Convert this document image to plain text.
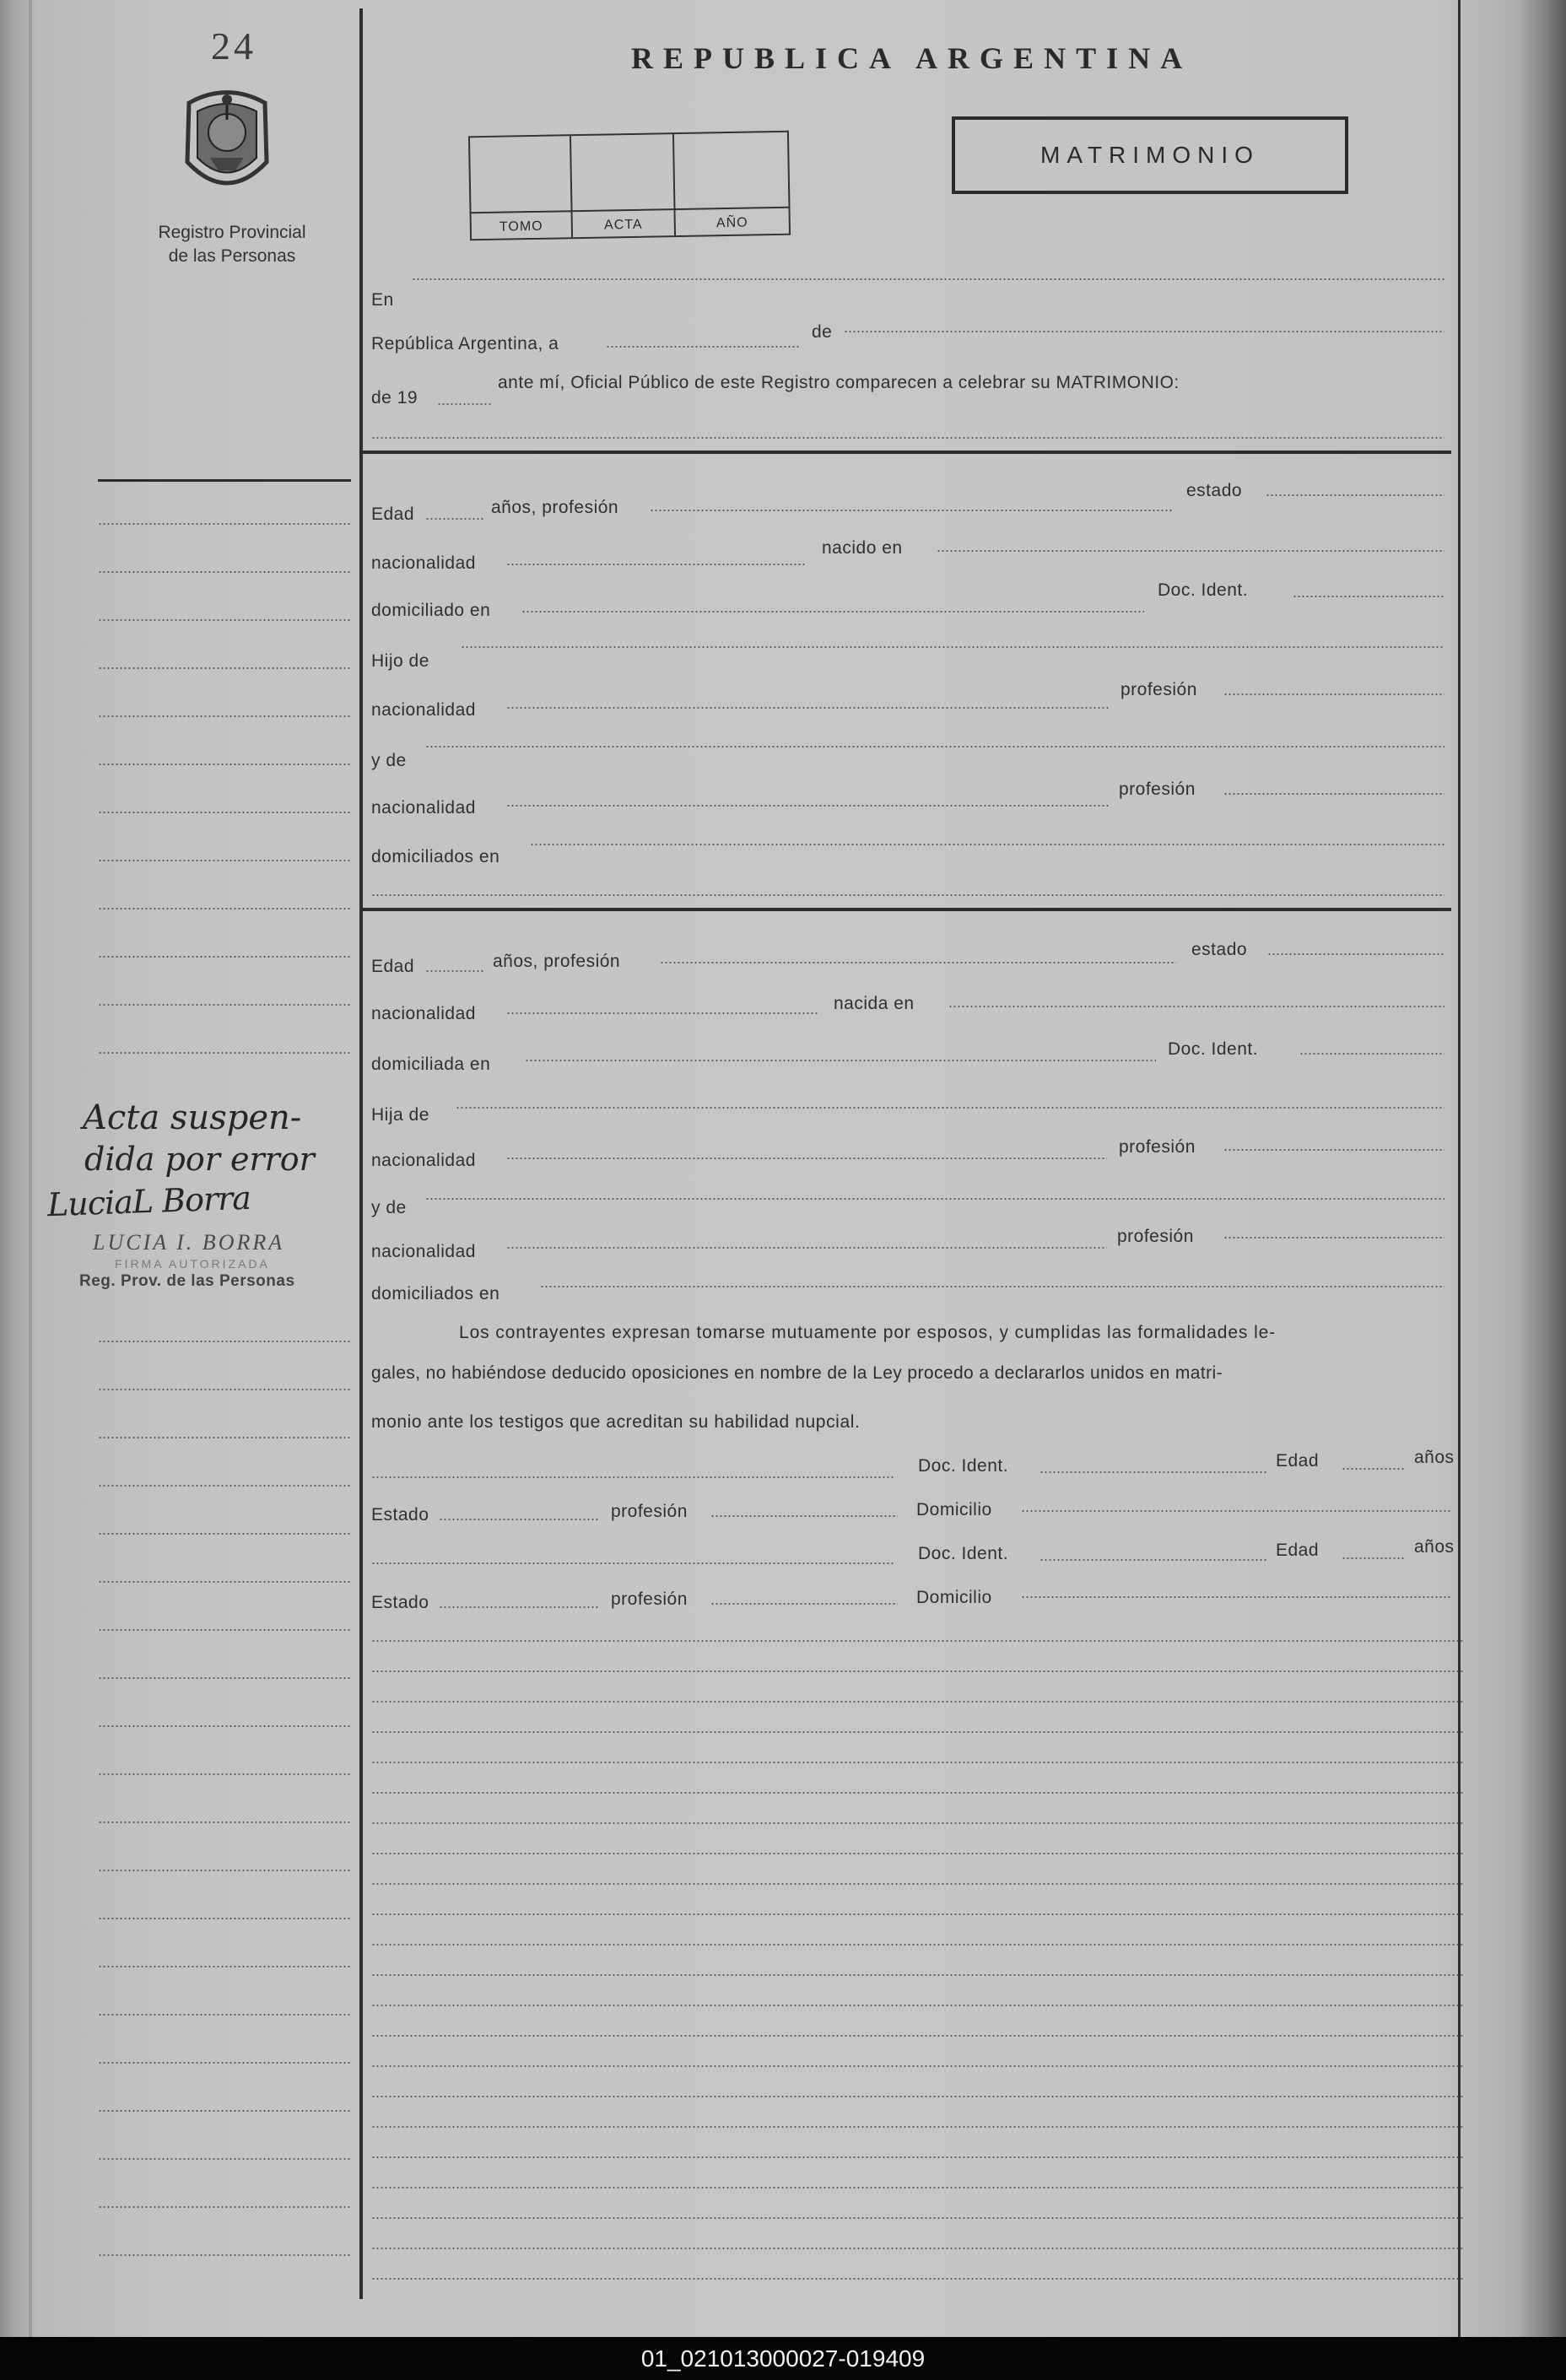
24
Registro Provincial
de las Personas
REPUBLICA ARGENTINA
TOMO	ACTA	AÑO
MATRIMONIO
En
República Argentina, a
de
de 19
ante mí, Oficial Público de este Registro comparecen a celebrar su MATRIMONIO:
Edad	años, profesión
estado
nacionalidad
nacido en
domiciliado en
Doc. Ident.
Hijo de
nacionalidad
profesión
y de
nacionalidad
profesión
domiciliados en
Edad	años, profesión
estado
nacionalidad
nacida en
domiciliada en
Doc. Ident.
Hija de
nacionalidad
profesión
y de
nacionalidad
profesión
domiciliados en
Los contrayentes expresan tomarse mutuamente por esposos, y cumplidas las formalidades le-
gales, no habiéndose deducido oposiciones en nombre de la Ley procedo a declararlos unidos en matri-
monio ante los testigos que acreditan su habilidad nupcial.
Doc. Ident.	Edad	años
Estado	profesión	Domicilio
Doc. Ident.	Edad	años
Estado	profesión	Domicilio
Acta suspen-
dida por error
LuciaL Borra
LUCIA I. BORRA
FIRMA AUTORIZADA
Reg. Prov. de las Personas
01_021013000027-019409
